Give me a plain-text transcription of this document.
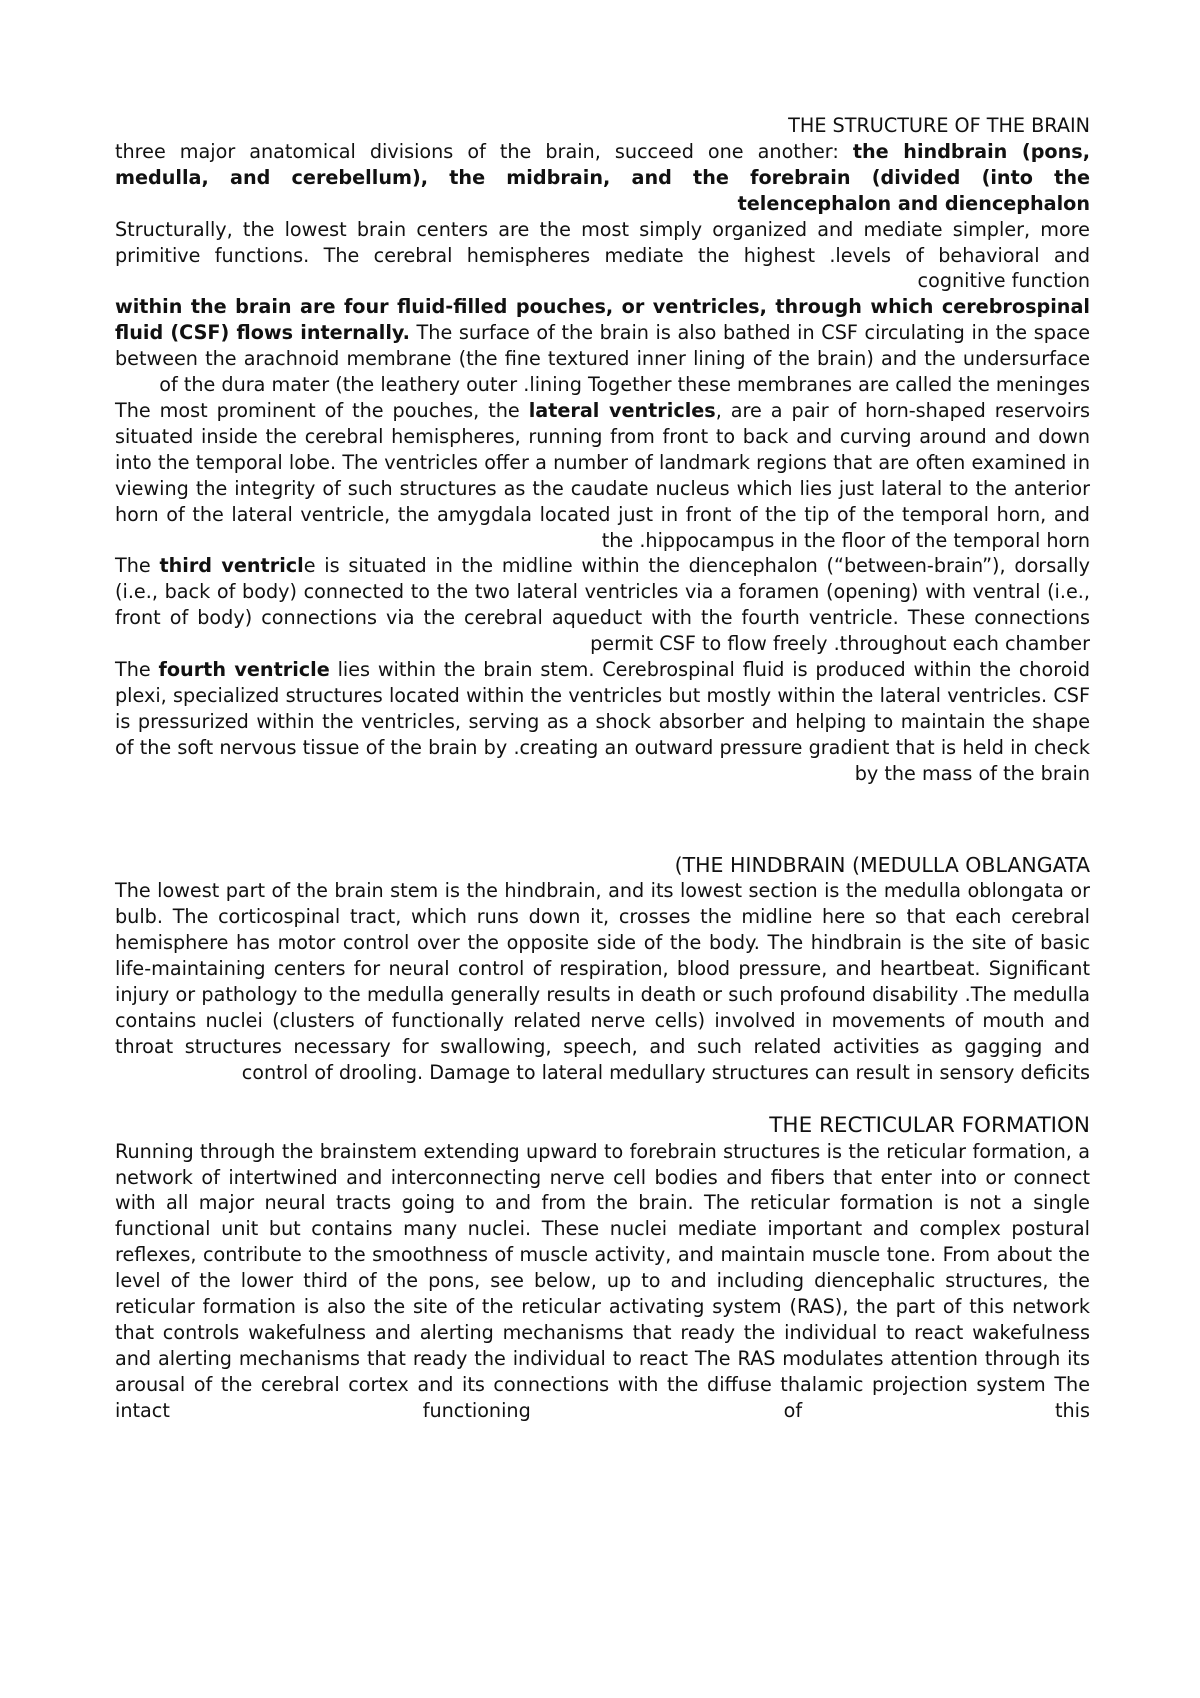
THE STRUCTURE OF THE BRAIN

three major anatomical divisions of the brain, succeed one another: the hindbrain (pons, medulla, and cerebellum), the midbrain, and the forebrain (divided (into the telencephalon and diencephalon

Structurally, the lowest brain centers are the most simply organized and mediate simpler, more primitive functions. The cerebral hemispheres mediate the highest .levels of behavioral and cognitive function

within the brain are four fluid-filled pouches, or ventricles, through which cerebrospinal fluid (CSF) flows internally. The surface of the brain is also bathed in CSF circulating in the space between the arachnoid membrane (the fine textured inner lining of the brain) and the undersurface of the dura mater (the leathery outer .lining Together these membranes are called the meninges

The most prominent of the pouches, the lateral ventricles, are a pair of horn-shaped reservoirs situated inside the cerebral hemispheres, running from front to back and curving around and down into the temporal lobe. The ventricles offer a number of landmark regions that are often examined in viewing the integrity of such structures as the caudate nucleus which lies just lateral to the anterior horn of the lateral ventricle, the amygdala located just in front of the tip of the temporal horn, and the .hippocampus in the floor of the temporal horn

The third ventricle is situated in the midline within the diencephalon (“between-brain”), dorsally (i.e., back of body) connected to the two lateral ventricles via a foramen (opening) with ventral (i.e., front of body) connections via the cerebral aqueduct with the fourth ventricle. These connections permit CSF to flow freely .throughout each chamber

The fourth ventricle lies within the brain stem. Cerebrospinal fluid is produced within the choroid plexi, specialized structures located within the ventricles but mostly within the lateral ventricles. CSF is pressurized within the ventricles, serving as a shock absorber and helping to maintain the shape of the soft nervous tissue of the brain by .creating an outward pressure gradient that is held in check by the mass of the brain

(THE HINDBRAIN (MEDULLA OBLANGATA

The lowest part of the brain stem is the hindbrain, and its lowest section is the medulla oblongata or bulb. The corticospinal tract, which runs down it, crosses the midline here so that each cerebral hemisphere has motor control over the opposite side of the body. The hindbrain is the site of basic life-maintaining centers for neural control of respiration, blood pressure, and heartbeat. Significant injury or pathology to the medulla generally results in death or such profound disability .The medulla contains nuclei (clusters of functionally related nerve cells) involved in movements of mouth and throat structures necessary for swallowing, speech, and such related activities as gagging and control of drooling. Damage to lateral medullary structures can result in sensory deficits

THE RECTICULAR FORMATION

Running through the brainstem extending upward to forebrain structures is the reticular formation, a network of intertwined and interconnecting nerve cell bodies and fibers that enter into or connect with all major neural tracts going to and from the brain. The reticular formation is not a single functional unit but contains many nuclei. These nuclei mediate important and complex postural reflexes, contribute to the smoothness of muscle activity, and maintain muscle tone. From about the level of the lower third of the pons, see below, up to and including diencephalic structures, the reticular formation is also the site of the reticular activating system (RAS), the part of this network that controls wakefulness and alerting mechanisms that ready the individual to react wakefulness and alerting mechanisms that ready the individual to react The RAS modulates attention through its arousal of the cerebral cortex and its connections with the diffuse thalamic projection system The intact functioning of this
